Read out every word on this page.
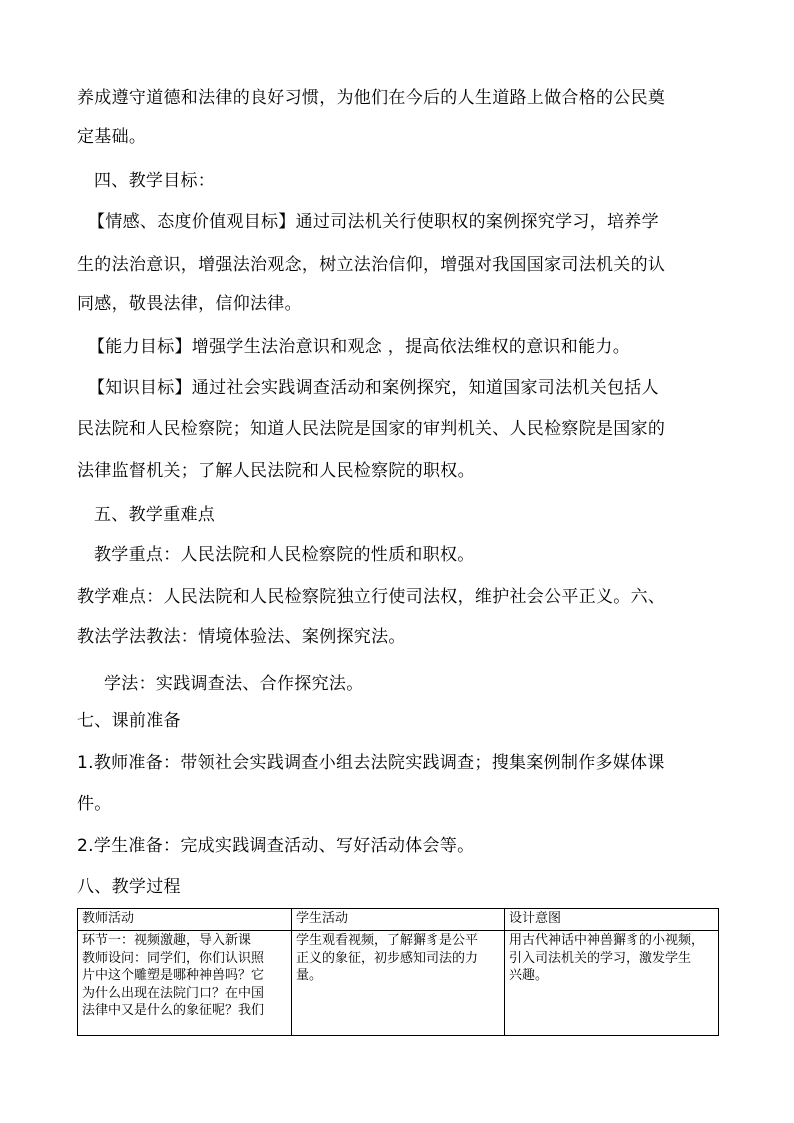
养成遵守道德和法律的良好习惯，为他们在今后的人生道路上做合格的公民奠
定基础。
四、教学目标：
【情感、态度价值观目标】通过司法机关行使职权的案例探究学习，培养学
生的法治意识，增强法治观念，树立法治信仰，增强对我国国家司法机关的认
同感，敬畏法律，信仰法律。
【能力目标】增强学生法治意识和观念 ，提高依法维权的意识和能力。
【知识目标】通过社会实践调查活动和案例探究，知道国家司法机关包括人
民法院和人民检察院；知道人民法院是国家的审判机关、人民检察院是国家的
法律监督机关；了解人民法院和人民检察院的职权。
五、教学重难点
教学重点：人民法院和人民检察院的性质和职权。
教学难点：人民法院和人民检察院独立行使司法权，维护社会公平正义。六、
教法学法教法：情境体验法、案例探究法。
学法：实践调查法、合作探究法。
七、课前准备
1.教师准备：带领社会实践调查小组去法院实践调查；搜集案例制作多媒体课
件。
2.学生准备：完成实践调查活动、写好活动体会等。
八、教学过程
教师活动	学生活动	设计意图

环节一：视频激趣，导入新课
教师设问：同学们，你们认识照
片中这个雕塑是哪种神兽吗？它
为什么出现在法院门口？在中国
法律中又是什么的象征呢？我们	学生观看视频，了解獬豸是公平
正义的象征，初步感知司法的力
量。	用古代神话中神兽獬豸的小视频，
引入司法机关的学习，激发学生
兴趣。
